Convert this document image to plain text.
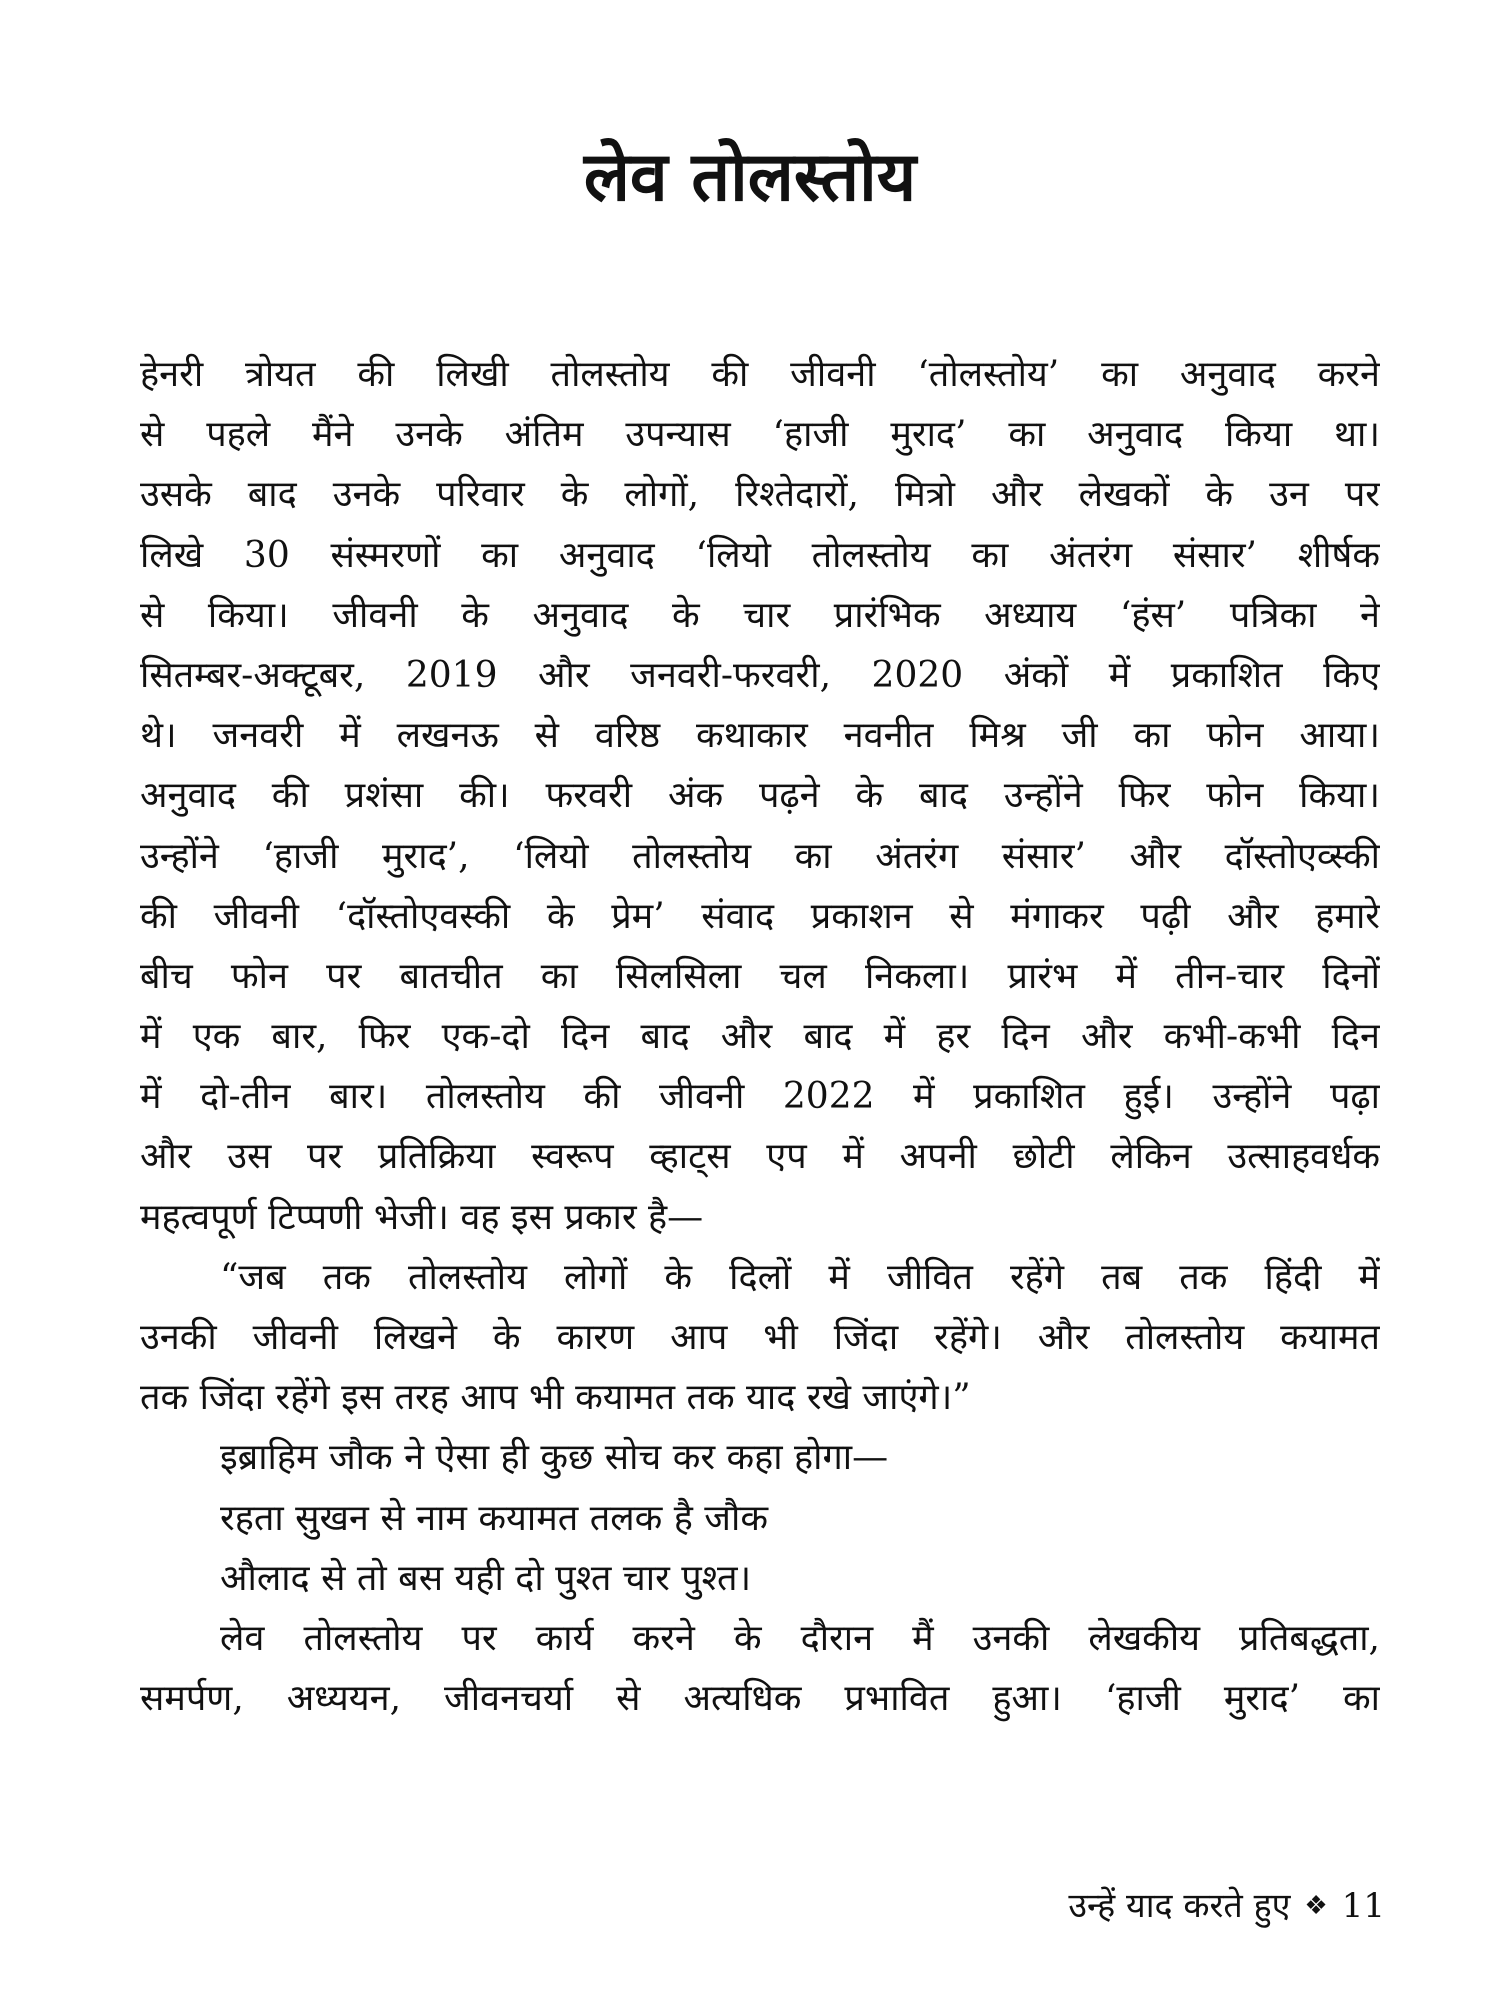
लेव तोलस्तोय

हेनरी त्रोयत की लिखी तोलस्तोय की जीवनी ‘तोलस्तोय’ का अनुवाद करने

से पहले मैंने उनके अंतिम उपन्यास ‘हाजी मुराद’ का अनुवाद किया था।

उसके बाद उनके परिवार के लोगों, रिश्तेदारों, मित्रो और लेखकों के उन पर

लिखे 30 संस्मरणों का अनुवाद ‘लियो तोलस्तोय का अंतरंग संसार’ शीर्षक

से किया। जीवनी के अनुवाद के चार प्रारंभिक अध्याय ‘हंस’ पत्रिका ने

सितम्बर-अक्टूबर, 2019 और जनवरी-फरवरी, 2020 अंकों में प्रकाशित किए

थे। जनवरी में लखनऊ से वरिष्ठ कथाकार नवनीत मिश्र जी का फोन आया।

अनुवाद की प्रशंसा की। फरवरी अंक पढ़ने के बाद उन्होंने फिर फोन किया।

उन्होंने ‘हाजी मुराद’, ‘लियो तोलस्तोय का अंतरंग संसार’ और दॉस्तोएव्स्की

की जीवनी ‘दॉस्तोएवस्की के प्रेम’ संवाद प्रकाशन से मंगाकर पढ़ी और हमारे

बीच फोन पर बातचीत का सिलसिला चल निकला। प्रारंभ में तीन-चार दिनों

में एक बार, फिर एक-दो दिन बाद और बाद में हर दिन और कभी-कभी दिन

में दो-तीन बार। तोलस्तोय की जीवनी 2022 में प्रकाशित हुई। उन्होंने पढ़ा

और उस पर प्रतिक्रिया स्वरूप व्हाट्स एप में अपनी छोटी लेकिन उत्साहवर्धक

महत्वपूर्ण टिप्पणी भेजी। वह इस प्रकार है—

“जब तक तोलस्तोय लोगों के दिलों में जीवित रहेंगे तब तक हिंदी में

उनकी जीवनी लिखने के कारण आप भी जिंदा रहेंगे। और तोलस्तोय कयामत

तक जिंदा रहेंगे इस तरह आप भी कयामत तक याद रखे जाएंगे।”

इब्राहिम जौक ने ऐसा ही कुछ सोच कर कहा होगा—

रहता सुखन से नाम कयामत तलक है जौक

औलाद से तो बस यही दो पुश्त चार पुश्त।

लेव तोलस्तोय पर कार्य करने के दौरान मैं उनकी लेखकीय प्रतिबद्धता,

समर्पण, अध्ययन, जीवनचर्या से अत्यधिक प्रभावित हुआ। ‘हाजी मुराद’ का

उन्हें याद करते हुए ❖ 11
